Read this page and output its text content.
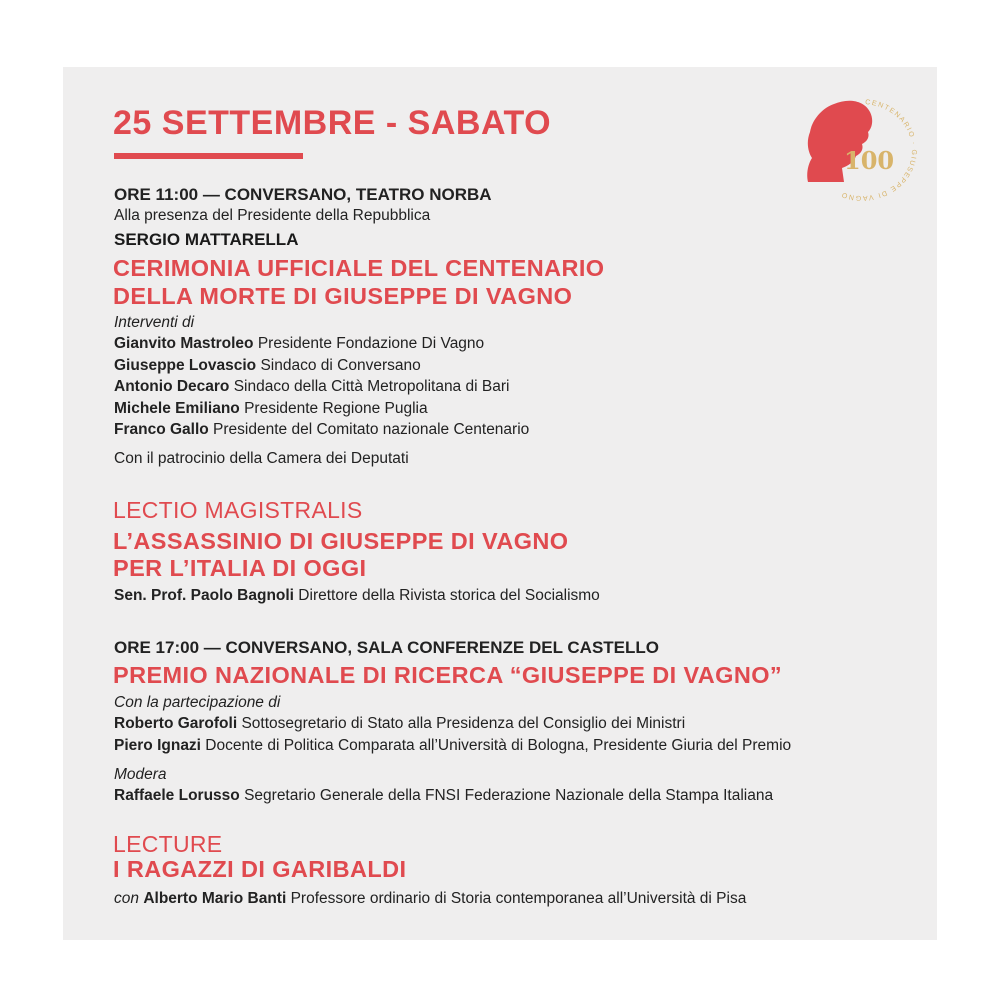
25 SETTEMBRE - SABATO
CENTENARIO · GIUSEPPE DI VAGNO
100
ORE 11:00 — CONVERSANO, TEATRO NORBA
Alla presenza del Presidente della Repubblica
SERGIO MATTARELLA
CERIMONIA UFFICIALE DEL CENTENARIO
DELLA MORTE DI GIUSEPPE DI VAGNO
Interventi di
Gianvito Mastroleo Presidente Fondazione Di Vagno
Giuseppe Lovascio Sindaco di Conversano
Antonio Decaro Sindaco della Città Metropolitana di Bari
Michele Emiliano Presidente Regione Puglia
Franco Gallo Presidente del Comitato nazionale Centenario
Con il patrocinio della Camera dei Deputati
LECTIO MAGISTRALIS
L’ASSASSINIO DI GIUSEPPE DI VAGNO
PER L’ITALIA DI OGGI
Sen. Prof. Paolo Bagnoli Direttore della Rivista storica del Socialismo
ORE 17:00 — CONVERSANO, SALA CONFERENZE DEL CASTELLO
PREMIO NAZIONALE DI RICERCA “GIUSEPPE DI VAGNO”
Con la partecipazione di
Roberto Garofoli Sottosegretario di Stato alla Presidenza del Consiglio dei Ministri
Piero Ignazi Docente di Politica Comparata all’Università di Bologna, Presidente Giuria del Premio
Modera
Raffaele Lorusso Segretario Generale della FNSI Federazione Nazionale della Stampa Italiana
LECTURE
I RAGAZZI DI GARIBALDI
con Alberto Mario Banti Professore ordinario di Storia contemporanea all’Università di Pisa
